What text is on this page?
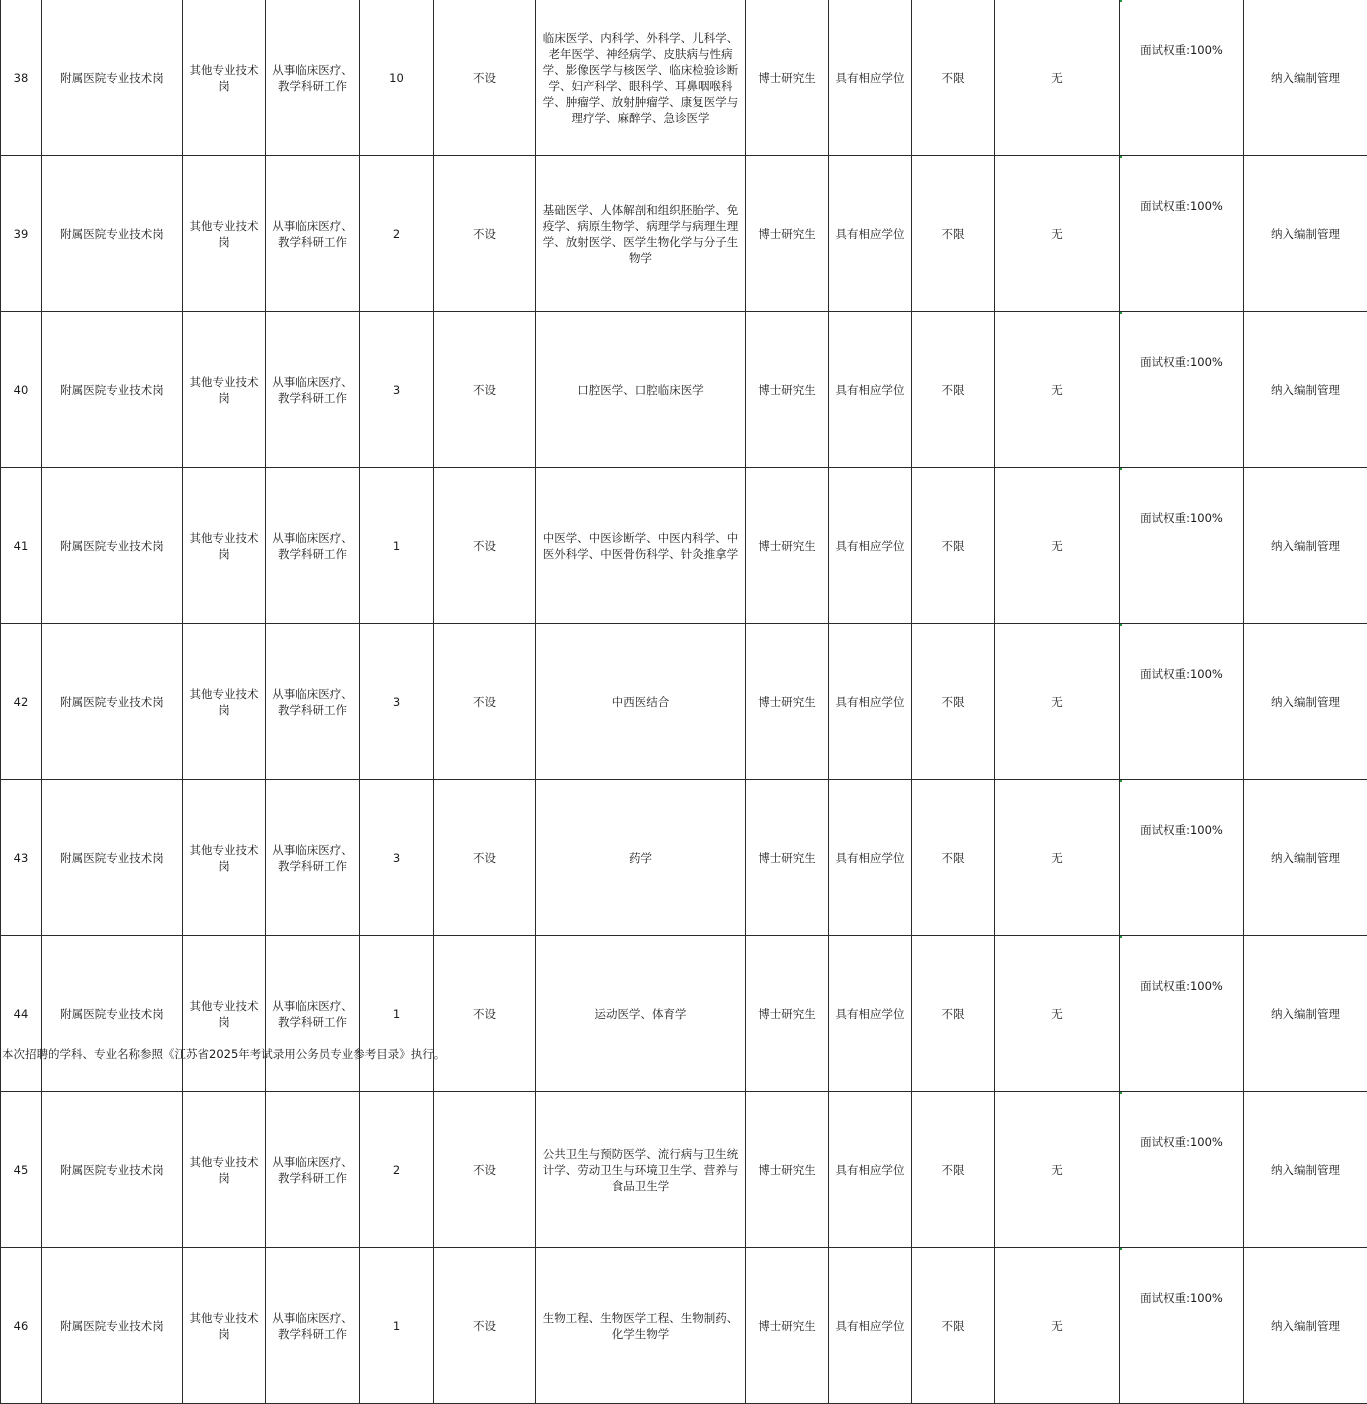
38	附属医院专业技术岗	其他专业技术岗	从事临床医疗、教学科研工作	10	不设	临床医学、内科学、外科学、儿科学、老年医学、神经病学、皮肤病与性病学、影像医学与核医学、临床检验诊断学、妇产科学、眼科学、耳鼻咽喉科学、肿瘤学、放射肿瘤学、康复医学与理疗学、麻醉学、急诊医学	博士研究生	具有相应学位	不限	无	面试权重:100%	纳入编制管理
39	附属医院专业技术岗	其他专业技术岗	从事临床医疗、教学科研工作	2	不设	基础医学、人体解剖和组织胚胎学、免疫学、病原生物学、病理学与病理生理学、放射医学、医学生物化学与分子生物学	博士研究生	具有相应学位	不限	无	面试权重:100%	纳入编制管理
40	附属医院专业技术岗	其他专业技术岗	从事临床医疗、教学科研工作	3	不设	口腔医学、口腔临床医学	博士研究生	具有相应学位	不限	无	面试权重:100%	纳入编制管理
41	附属医院专业技术岗	其他专业技术岗	从事临床医疗、教学科研工作	1	不设	中医学、中医诊断学、中医内科学、中医外科学、中医骨伤科学、针灸推拿学	博士研究生	具有相应学位	不限	无	面试权重:100%	纳入编制管理
42	附属医院专业技术岗	其他专业技术岗	从事临床医疗、教学科研工作	3	不设	中西医结合	博士研究生	具有相应学位	不限	无	面试权重:100%	纳入编制管理
43	附属医院专业技术岗	其他专业技术岗	从事临床医疗、教学科研工作	3	不设	药学	博士研究生	具有相应学位	不限	无	面试权重:100%	纳入编制管理
44	附属医院专业技术岗	其他专业技术岗	从事临床医疗、教学科研工作	1	不设	运动医学、体育学	博士研究生	具有相应学位	不限	无	面试权重:100%	纳入编制管理
45	附属医院专业技术岗	其他专业技术岗	从事临床医疗、教学科研工作	2	不设	公共卫生与预防医学、流行病与卫生统计学、劳动卫生与环境卫生学、营养与食品卫生学	博士研究生	具有相应学位	不限	无	面试权重:100%	纳入编制管理
46	附属医院专业技术岗	其他专业技术岗	从事临床医疗、教学科研工作	1	不设	生物工程、生物医学工程、生物制药、化学生物学	博士研究生	具有相应学位	不限	无	面试权重:100%	纳入编制管理
本次招聘的学科、专业名称参照《江苏省2025年考试录用公务员专业参考目录》执行。
